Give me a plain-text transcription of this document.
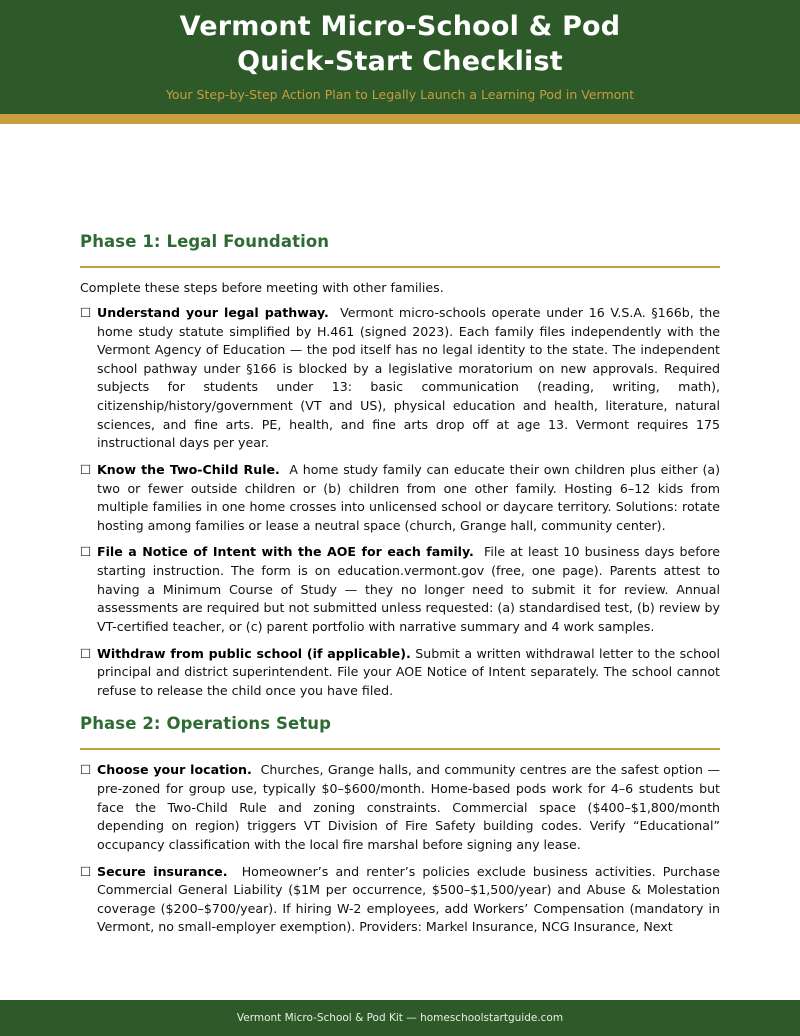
Vermont Micro-School & Pod
Quick-Start Checklist
Your Step-by-Step Action Plan to Legally Launch a Learning Pod in Vermont
Phase 1: Legal Foundation

Complete these steps before meeting with other families.

☐ Understand your legal pathway. Vermont micro-schools operate under 16 V.S.A. §166b, the home study statute simplified by H.461 (signed 2023). Each family files independently with the Vermont Agency of Education — the pod itself has no legal identity to the state. The independent school pathway under §166 is blocked by a legislative moratorium on new approvals. Required subjects for students under 13: basic communication (reading, writing, math), citizenship/history/government (VT and US), physical education and health, literature, natural sciences, and fine arts. PE, health, and fine arts drop off at age 13. Vermont requires 175 instructional days per year.
☐ Know the Two-Child Rule. A home study family can educate their own children plus either (a) two or fewer outside children or (b) children from one other family. Hosting 6–12 kids from multiple families in one home crosses into unlicensed school or daycare territory. Solutions: rotate hosting among families or lease a neutral space (church, Grange hall, community center).
☐ File a Notice of Intent with the AOE for each family. File at least 10 business days before starting instruction. The form is on education.vermont.gov (free, one page). Parents attest to having a Minimum Course of Study — they no longer need to submit it for review. Annual assessments are required but not submitted unless requested: (a) standardised test, (b) review by VT-certified teacher, or (c) parent portfolio with narrative summary and 4 work samples.
☐ Withdraw from public school (if applicable). Submit a written withdrawal letter to the school principal and district superintendent. File your AOE Notice of Intent separately. The school cannot refuse to release the child once you have filed.
Phase 2: Operations Setup
☐ Choose your location. Churches, Grange halls, and community centres are the safest option — pre-zoned for group use, typically $0–$600/month. Home-based pods work for 4–6 students but face the Two-Child Rule and zoning constraints. Commercial space ($400–$1,800/month depending on region) triggers VT Division of Fire Safety building codes. Verify “Educational” occupancy classification with the local fire marshal before signing any lease.
☐ Secure insurance. Homeowner’s and renter’s policies exclude business activities. Purchase Commercial General Liability ($1M per occurrence, $500–$1,500/year) and Abuse & Molestation coverage ($200–$700/year). If hiring W-2 employees, add Workers’ Compensation (mandatory in Vermont, no small-employer exemption). Providers: Markel Insurance, NCG Insurance, Next
Vermont Micro-School & Pod Kit — homeschoolstartguide.com
